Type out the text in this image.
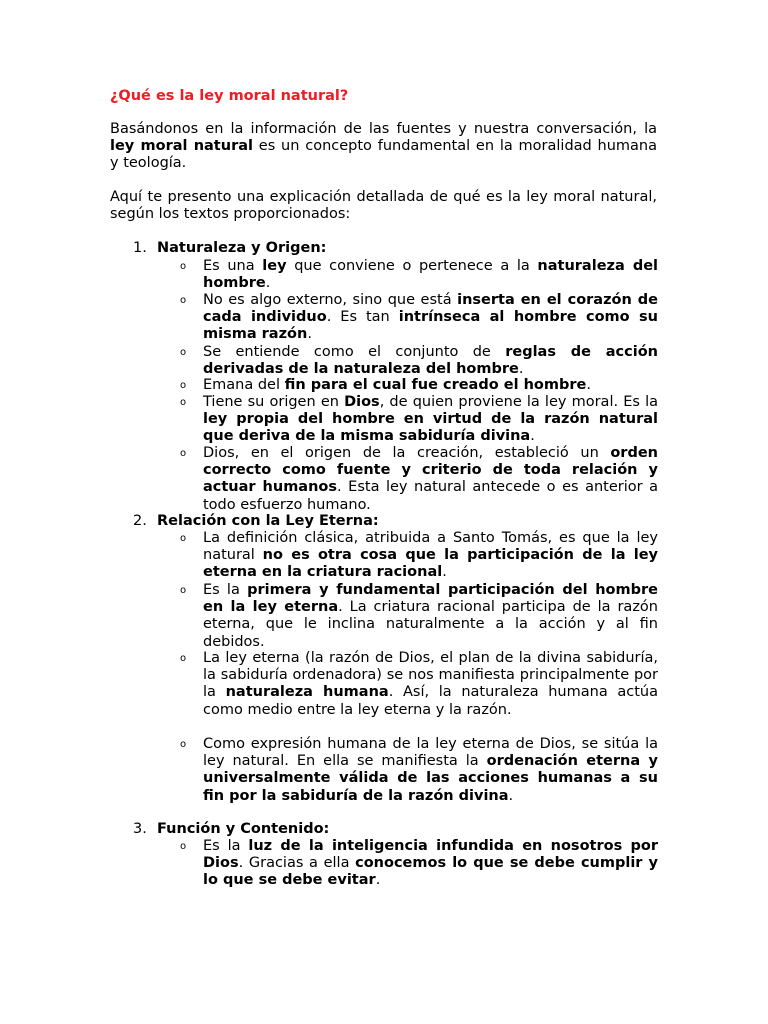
¿Qué es la ley moral natural?
Basándonos en la información de las fuentes y nuestra conversación, la ley moral natural es un concepto fundamental en la moralidad humana y teología.
Aquí te presento una explicación detallada de qué es la ley moral natural, según los textos proporcionados:
1. Naturaleza y Origen:
o Es una ley que conviene o pertenece a la naturaleza del hombre.
o No es algo externo, sino que está inserta en el corazón de cada individuo. Es tan intrínseca al hombre como su misma razón.
o Se entiende como el conjunto de reglas de acción derivadas de la naturaleza del hombre.
o Emana del fin para el cual fue creado el hombre.
o Tiene su origen en Dios, de quien proviene la ley moral. Es la ley propia del hombre en virtud de la razón natural que deriva de la misma sabiduría divina.
o Dios, en el origen de la creación, estableció un orden correcto como fuente y criterio de toda relación y actuar humanos. Esta ley natural antecede o es anterior a todo esfuerzo humano.
2. Relación con la Ley Eterna:
o La definición clásica, atribuida a Santo Tomás, es que la ley natural no es otra cosa que la participación de la ley eterna en la criatura racional.
o Es la primera y fundamental participación del hombre en la ley eterna. La criatura racional participa de la razón eterna, que le inclina naturalmente a la acción y al fin debidos.
o La ley eterna (la razón de Dios, el plan de la divina sabiduría, la sabiduría ordenadora) se nos manifiesta principalmente por la naturaleza humana. Así, la naturaleza humana actúa como medio entre la ley eterna y la razón.
o Como expresión humana de la ley eterna de Dios, se sitúa la ley natural. En ella se manifiesta la ordenación eterna y universalmente válida de las acciones humanas a su fin por la sabiduría de la razón divina.
3. Función y Contenido:
o Es la luz de la inteligencia infundida en nosotros por Dios. Gracias a ella conocemos lo que se debe cumplir y lo que se debe evitar.
